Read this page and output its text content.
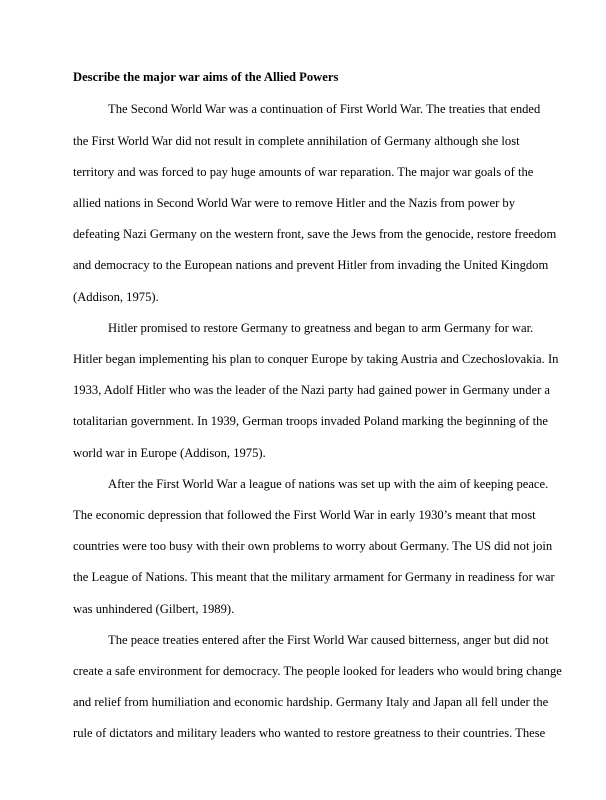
Describe the major war aims of the Allied Powers
The Second World War was a continuation of First World War. The treaties that ended
the First World War did not result in complete annihilation of Germany although she lost
territory and was forced to pay huge amounts of war reparation. The major war goals of the
allied nations in Second World War were to remove Hitler and the Nazis from power by
defeating Nazi Germany on the western front, save the Jews from the genocide, restore freedom
and democracy to the European nations and prevent Hitler from invading the United Kingdom
(Addison, 1975).
Hitler promised to restore Germany to greatness and began to arm Germany for war.
Hitler began implementing his plan to conquer Europe by taking Austria and Czechoslovakia. In
1933, Adolf Hitler who was the leader of the Nazi party had gained power in Germany under a
totalitarian government. In 1939, German troops invaded Poland marking the beginning of the
world war in Europe (Addison, 1975).
After the First World War a league of nations was set up with the aim of keeping peace.
The economic depression that followed the First World War in early 1930’s meant that most
countries were too busy with their own problems to worry about Germany. The US did not join
the League of Nations. This meant that the military armament for Germany in readiness for war
was unhindered (Gilbert, 1989).
The peace treaties entered after the First World War caused bitterness, anger but did not
create a safe environment for democracy. The people looked for leaders who would bring change
and relief from humiliation and economic hardship. Germany Italy and Japan all fell under the
rule of dictators and military leaders who wanted to restore greatness to their countries. These
